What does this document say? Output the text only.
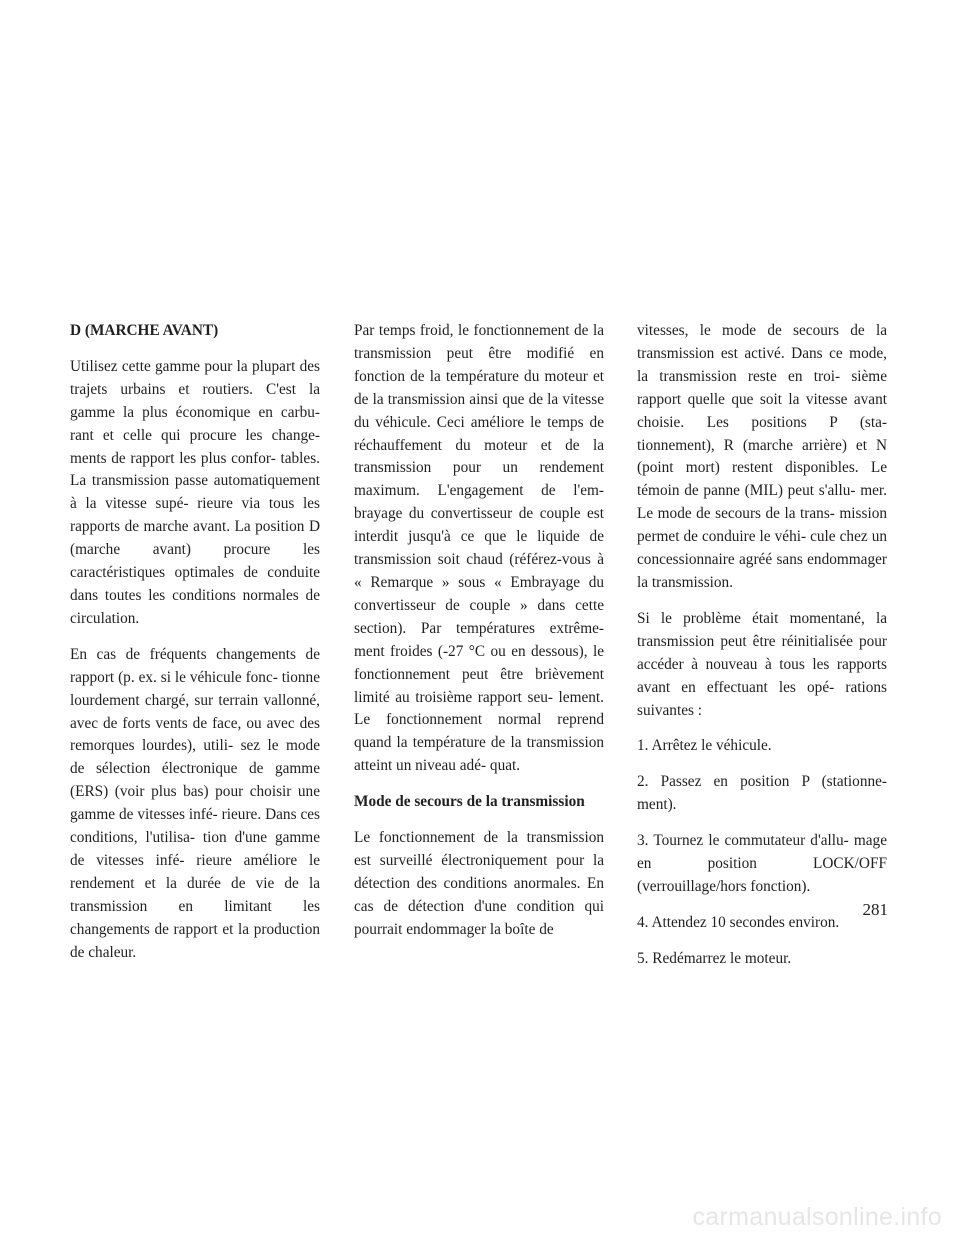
D (MARCHE AVANT)

Utilisez cette gamme pour la plupart des trajets urbains et routiers. C'est la gamme la plus économique en carbu- rant et celle qui procure les change- ments de rapport les plus confor- tables. La transmission passe automatiquement à la vitesse supé- rieure via tous les rapports de marche avant. La position D (marche avant) procure les caractéristiques optimales de conduite dans toutes les conditions normales de circulation.

En cas de fréquents changements de rapport (p. ex. si le véhicule fonc- tionne lourdement chargé, sur terrain vallonné, avec de forts vents de face, ou avec des remorques lourdes), utili- sez le mode de sélection électronique de gamme (ERS) (voir plus bas) pour choisir une gamme de vitesses infé- rieure. Dans ces conditions, l'utilisa- tion d'une gamme de vitesses infé- rieure améliore le rendement et la durée de vie de la transmission en limitant les changements de rapport et la production de chaleur.

Par temps froid, le fonctionnement de la transmission peut être modifié en fonction de la température du moteur et de la transmission ainsi que de la vitesse du véhicule. Ceci améliore le temps de réchauffement du moteur et de la transmission pour un rendement maximum. L'engagement de l'em- brayage du convertisseur de couple est interdit jusqu'à ce que le liquide de transmission soit chaud (référez-vous à « Remarque » sous « Embrayage du convertisseur de couple » dans cette section). Par températures extrême- ment froides (-27 °C ou en dessous), le fonctionnement peut être brièvement limité au troisième rapport seu- lement. Le fonctionnement normal reprend quand la température de la transmission atteint un niveau adé- quat.

Mode de secours de la transmission

Le fonctionnement de la transmission est surveillé électroniquement pour la détection des conditions anormales. En cas de détection d'une condition qui pourrait endommager la boîte de

vitesses, le mode de secours de la transmission est activé. Dans ce mode, la transmission reste en troi- sième rapport quelle que soit la vitesse avant choisie. Les positions P (sta- tionnement), R (marche arrière) et N (point mort) restent disponibles. Le témoin de panne (MIL) peut s'allu- mer. Le mode de secours de la trans- mission permet de conduire le véhi- cule chez un concessionnaire agréé sans endommager la transmission.

Si le problème était momentané, la transmission peut être réinitialisée pour accéder à nouveau à tous les rapports avant en effectuant les opé- rations suivantes :

1. Arrêtez le véhicule.

2. Passez en position P (stationne- ment).

3. Tournez le commutateur d'allu- mage en position LOCK/OFF (verrouillage/hors fonction).

4. Attendez 10 secondes environ.

5. Redémarrez le moteur.

281
carmanualsonline.info
